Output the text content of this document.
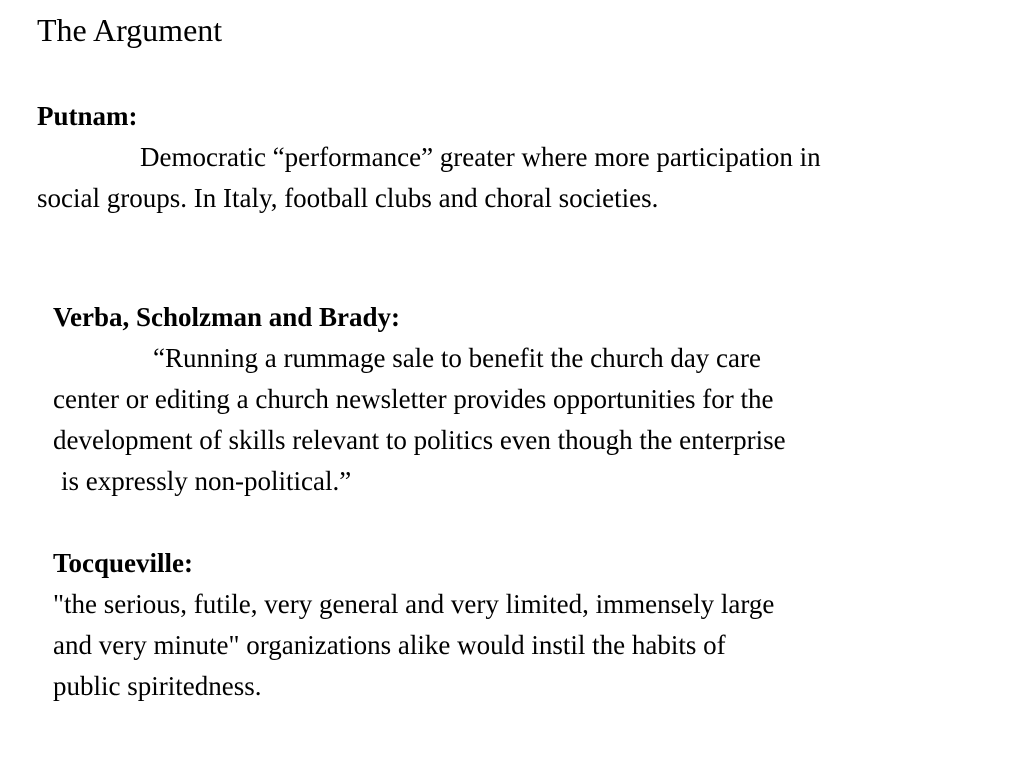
The Argument
Putnam:
Democratic “performance” greater where more participation in
social groups. In Italy, football clubs and choral societies.
Verba, Scholzman and Brady:
“Running a rummage sale to benefit the church day care
center or editing a church newsletter provides opportunities for the
development of skills relevant to politics even though the enterprise
is expressly non-political.”
Tocqueville:
"the serious, futile, very general and very limited, immensely large
and very minute" organizations alike would instil the habits of
public spiritedness.
